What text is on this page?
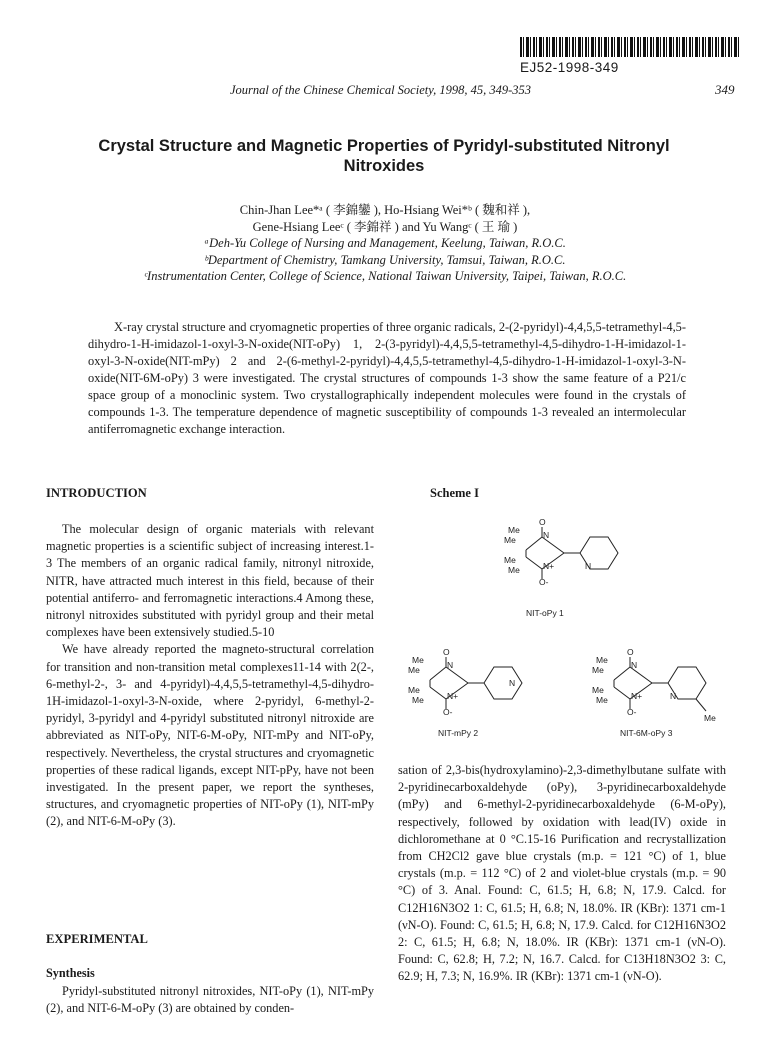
EJ52-1998-349
Journal of the Chinese Chemical Society, 1998, 45, 349-353	349
Crystal Structure and Magnetic Properties of Pyridyl-substituted Nitronyl Nitroxides
Chin-Jhan Lee*ᵃ ( 李錦鑾 ), Ho-Hsiang Wei*ᵇ ( 魏和祥 ),
Gene-Hsiang Leeᶜ ( 李錦祥 ) and Yu Wangᶜ ( 王 瑜 )
ᵃDeh-Yu College of Nursing and Management, Keelung, Taiwan, R.O.C.
ᵇDepartment of Chemistry, Tamkang University, Tamsui, Taiwan, R.O.C.
ᶜInstrumentation Center, College of Science, National Taiwan University, Taipei, Taiwan, R.O.C.
X-ray crystal structure and cryomagnetic properties of three organic radicals, 2-(2-pyridyl)-4,4,5,5-tetramethyl-4,5-dihydro-1-H-imidazol-1-oxyl-3-N-oxide(NIT-oPy) 1, 2-(3-pyridyl)-4,4,5,5-tetramethyl-4,5-dihydro-1-H-imidazol-1-oxyl-3-N-oxide(NIT-mPy) 2 and 2-(6-methyl-2-pyridyl)-4,4,5,5-tetramethyl-4,5-dihydro-1-H-imidazol-1-oxyl-3-N-oxide(NIT-6M-oPy) 3 were investigated. The crystal structures of compounds 1-3 show the same feature of a P21/c space group of a monoclinic system. Two crystallographically independent molecules were found in the crystals of compounds 1-3. The temperature dependence of magnetic susceptibility of compounds 1-3 revealed an intermolecular antiferromagnetic exchange interaction.
INTRODUCTION

The molecular design of organic materials with relevant magnetic properties is a scientific subject of increasing interest.1-3 The members of an organic radical family, nitronyl nitroxide, NITR, have attracted much interest in this field, because of their potential antiferro- and ferromagnetic interactions.4 Among these, nitronyl nitroxides substituted with pyridyl group and their metal complexes have been extensively studied.5-10

We have already reported the magneto-structural correlation for transition and non-transition metal complexes11-14 with 2(2-, 6-methyl-2-, 3- and 4-pyridyl)-4,4,5,5-tetramethyl-4,5-dihydro-1H-imidazol-1-oxyl-3-N-oxide, where 2-pyridyl, 6-methyl-2-pyridyl, 3-pyridyl and 4-pyridyl substituted nitronyl nitroxide are abbreviated as NIT-oPy, NIT-6-M-oPy, NIT-mPy and NIT-oPy, respectively. Nevertheless, the crystal structures and cryomagnetic properties of these radical ligands, except NIT-pPy, have not been investigated. In the present paper, we report the syntheses, structures, and cryomagnetic properties of NIT-oPy (1), NIT-mPy (2), and NIT-6-M-oPy (3).

EXPERIMENTAL
Synthesis

Pyridyl-substituted nitronyl nitroxides, NIT-oPy (1), NIT-mPy (2), and NIT-6-M-oPy (3) are obtained by conden-

Scheme I
Me
Me
Me
Me
O
N
N+
O-
N
Me
Me
Me
Me
O
N
N+
O-
N
Me
Me
Me
Me
O
N
N+
O-
N
Me
NIT-oPy 1
NIT-mPy 2	NIT-6M-oPy 3
sation of 2,3-bis(hydroxylamino)-2,3-dimethylbutane sulfate with 2-pyridinecarboxaldehyde (oPy), 3-pyridinecarboxaldehyde (mPy) and 6-methyl-2-pyridinecarboxaldehyde (6-M-oPy), respectively, followed by oxidation with lead(IV) oxide in dichloromethane at 0 °C.15-16 Purification and recrystallization from CH2Cl2 gave blue crystals (m.p. = 121 °C) of 1, blue crystals (m.p. = 112 °C) of 2 and violet-blue crystals (m.p. = 90 °C) of 3. Anal. Found: C, 61.5; H, 6.8; N, 17.9. Calcd. for C12H16N3O2 1: C, 61.5; H, 6.8; N, 18.0%. IR (KBr): 1371 cm-1 (νN-O). Found: C, 61.5; H, 6.8; N, 17.9. Calcd. for C12H16N3O2 2: C, 61.5; H, 6.8; N, 18.0%. IR (KBr): 1371 cm-1 (νN-O). Found: C, 62.8; H, 7.2; N, 16.7. Calcd. for C13H18N3O2 3: C, 62.9; H, 7.3; N, 16.9%. IR (KBr): 1371 cm-1 (νN-O).
